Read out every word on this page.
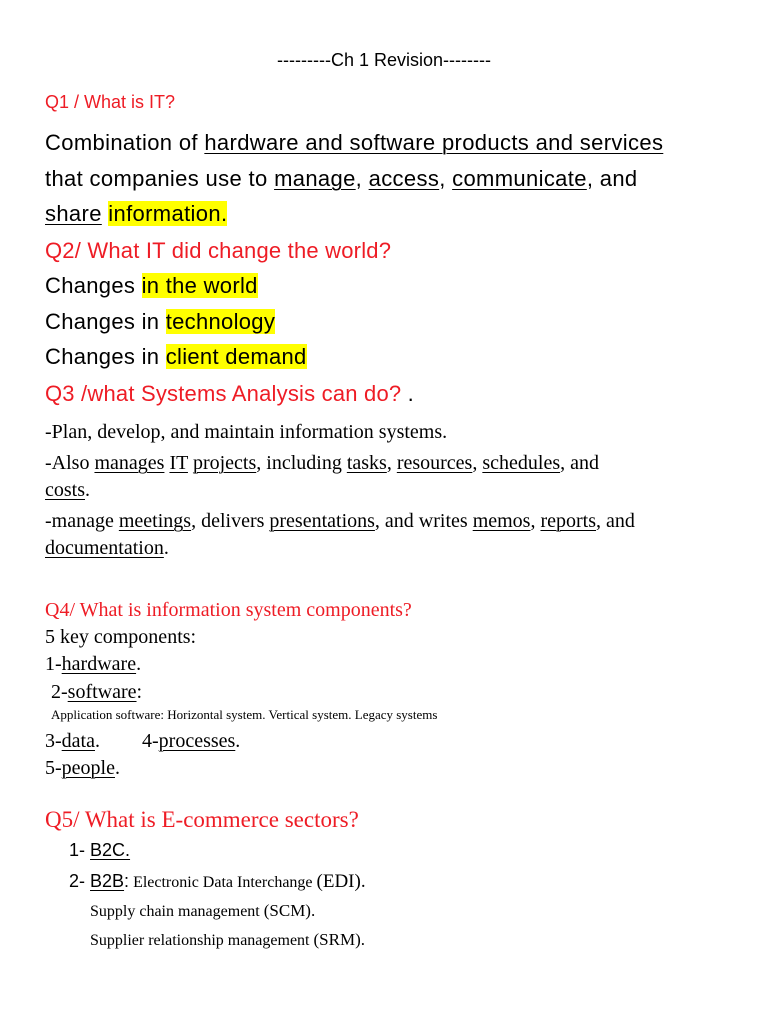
---------Ch 1 Revision--------
Q1 / What is IT?
Combination of hardware and software products and services
that companies use to manage, access, communicate, and
share information.
Q2/ What IT did change the world?
Changes in the world
Changes in technology
Changes in client demand
Q3 /what Systems Analysis can do? .
-Plan, develop, and maintain information systems.
-Also manages IT projects, including tasks, resources, schedules, and
costs.
-manage meetings, delivers presentations, and writes memos, reports, and
documentation.
Q4/ What is information system components?
5 key components:
1-hardware.
2-software:
Application software: Horizontal system. Vertical system. Legacy systems
3-data. 4-processes.
5-people.
Q5/ What is E-commerce sectors?
1- B2C.
2- B2B: Electronic Data Interchange (EDI).
Supply chain management (SCM).
Supplier relationship management (SRM).
